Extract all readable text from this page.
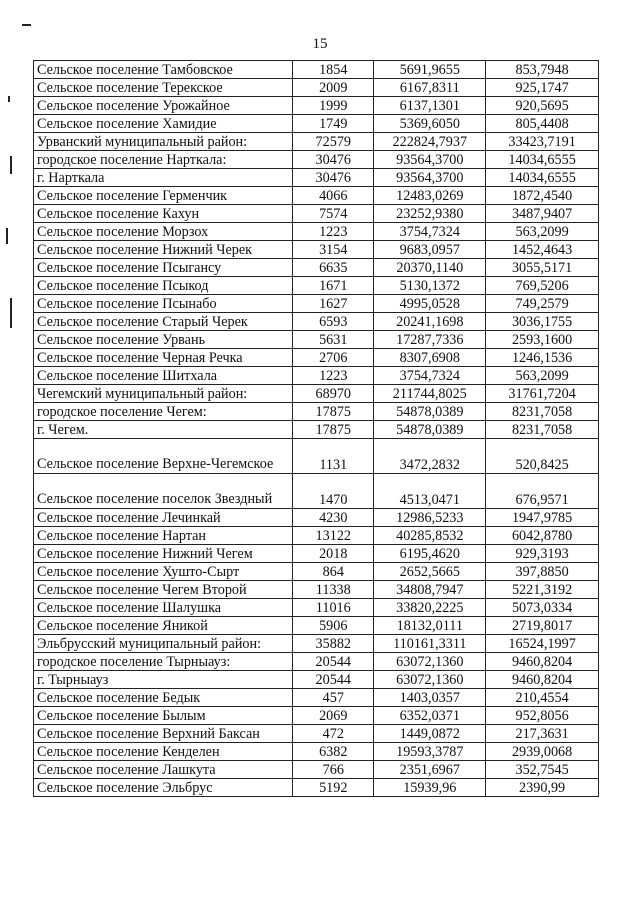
15
Сельское поселение Тамбовское	1854	5691,9655	853,7948
Сельское поселение Терекское	2009	6167,8311	925,1747
Сельское поселение Урожайное	1999	6137,1301	920,5695
Сельское поселение Хамидие	1749	5369,6050	805,4408
Урванский муниципальный район:	72579	222824,7937	33423,7191
городское поселение Нарткала:	30476	93564,3700	14034,6555
г. Нарткала	30476	93564,3700	14034,6555
Сельское поселение Герменчик	4066	12483,0269	1872,4540
Сельское поселение Кахун	7574	23252,9380	3487,9407
Сельское поселение Морзох	1223	3754,7324	563,2099
Сельское поселение Нижний Черек	3154	9683,0957	1452,4643
Сельское поселение Псыгансу	6635	20370,1140	3055,5171
Сельское поселение Псыкод	1671	5130,1372	769,5206
Сельское поселение Псынабо	1627	4995,0528	749,2579
Сельское поселение Старый Черек	6593	20241,1698	3036,1755
Сельское поселение Урвань	5631	17287,7336	2593,1600
Сельское поселение Черная Речка	2706	8307,6908	1246,1536
Сельское поселение Шитхала	1223	3754,7324	563,2099
Чегемский муниципальный район:	68970	211744,8025	31761,7204
городское поселение Чегем:	17875	54878,0389	8231,7058
г. Чегем.	17875	54878,0389	8231,7058
Сельское поселение Верхне-Чегемское	1131	3472,2832	520,8425
Сельское поселение поселок Звездный	1470	4513,0471	676,9571
Сельское поселение Лечинкай	4230	12986,5233	1947,9785
Сельское поселение Нартан	13122	40285,8532	6042,8780
Сельское поселение Нижний Чегем	2018	6195,4620	929,3193
Сельское поселение Хушто-Сырт	864	2652,5665	397,8850
Сельское поселение Чегем Второй	11338	34808,7947	5221,3192
Сельское поселение Шалушка	11016	33820,2225	5073,0334
Сельское поселение Яникой	5906	18132,0111	2719,8017
Эльбрусский муниципальный район:	35882	110161,3311	16524,1997
городское поселение Тырныауз:	20544	63072,1360	9460,8204
г. Тырныауз	20544	63072,1360	9460,8204
Сельское поселение Бедык	457	1403,0357	210,4554
Сельское поселение Былым	2069	6352,0371	952,8056
Сельское поселение Верхний Баксан	472	1449,0872	217,3631
Сельское поселение Кенделен	6382	19593,3787	2939,0068
Сельское поселение Лашкута	766	2351,6967	352,7545
Сельское поселение Эльбрус	5192	15939,96	2390,99
